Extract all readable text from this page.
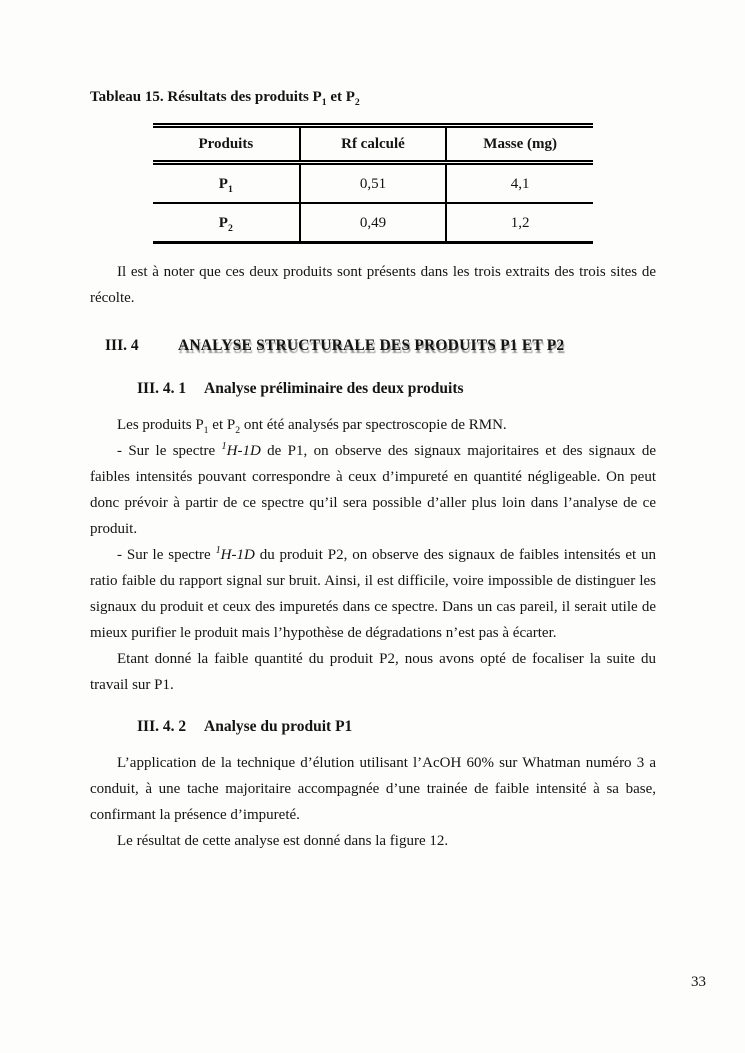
Tableau 15. Résultats des produits $P_1$ et $P_2$

Produits	Rf calculé	Masse (mg)
$P_1$	0,51	4,1
$P_2$	0,49	1,2

Il est à noter que ces deux produits sont présents dans les trois extraits des trois sites de récolte.

III. 4	ANALYSE STRUCTURALE DES PRODUITS P1 ET P2
III. 4. 1 Analyse préliminaire des deux produits

Les produits $P_1$ et $P_2$ ont été analysés par spectroscopie de RMN.

- Sur le spectre $^1$H-1D de P1, on observe des signaux majoritaires et des signaux de faibles intensités pouvant correspondre à ceux d’impureté en quantité négligeable. On peut donc prévoir à partir de ce spectre qu’il sera possible d’aller plus loin dans l’analyse de ce produit.

- Sur le spectre $^1$H-1D du produit P2, on observe des signaux de faibles intensités et un ratio faible du rapport signal sur bruit. Ainsi, il est difficile, voire impossible de distinguer les signaux du produit et ceux des impuretés dans ce spectre. Dans un cas pareil, il serait utile de mieux purifier le produit mais l’hypothèse de dégradations n’est pas à écarter.

Etant donné la faible quantité du produit P2, nous avons opté de focaliser la suite du travail sur P1.

III. 4. 2 Analyse du produit P1

L’application de la technique d’élution utilisant l’AcOH 60% sur Whatman numéro 3 a conduit, à une tache majoritaire accompagnée d’une trainée de faible intensité à sa base, confirmant la présence d’impureté.

Le résultat de cette analyse est donné dans la figure 12.

33
